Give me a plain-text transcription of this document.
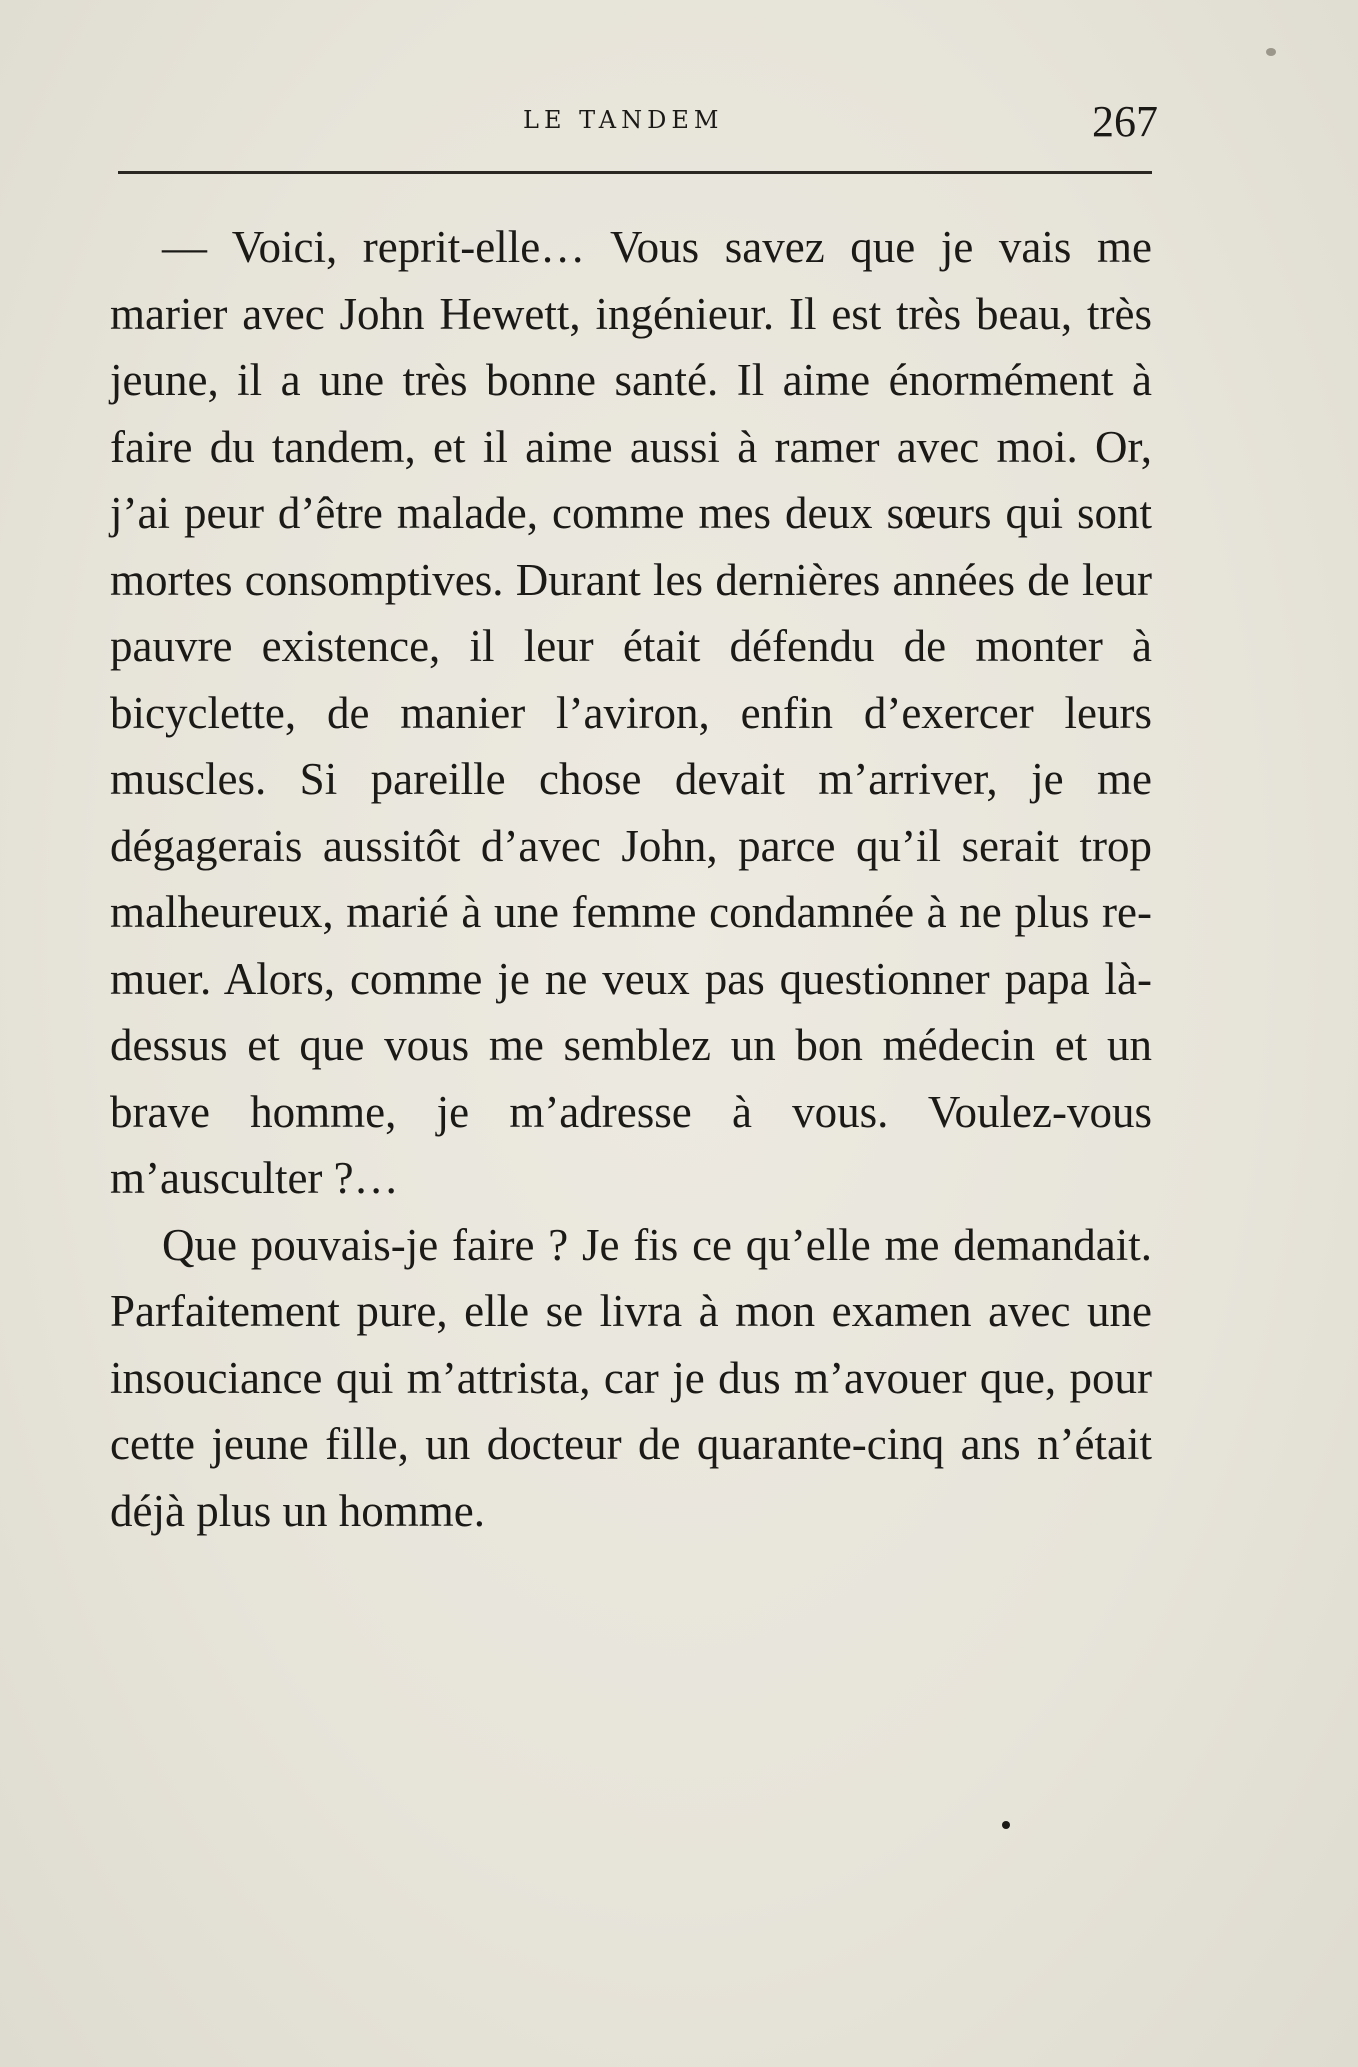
LE TANDEM	267

— Voici, reprit-elle… Vous savez que je vais me marier avec John Hewett, ingénieur. Il est très beau, très jeune, il a une très bonne santé. Il aime énormément à faire du tandem, et il aime aussi à ramer avec moi. Or, j’ai peur d’être malade, comme mes deux sœurs qui sont mortes consomptives. Durant les dernières années de leur pauvre existence, il leur était défendu de monter à bicyclette, de manier l’aviron, enfin d’exercer leurs muscles. Si pareille chose devait m’arriver, je me dégagerais aussitôt d’avec John, parce qu’il serait trop malheureux, marié à une femme condamnée à ne plus remuer. Alors, comme je ne veux pas questionner papa là-dessus et que vous me semblez un bon médecin et un brave homme, je m’adresse à vous. Voulez-vous m’ausculter ?…

Que pouvais-je faire ? Je fis ce qu’elle me demandait. Parfaitement pure, elle se livra à mon examen avec une insouciance qui m’attrista, car je dus m’avouer que, pour cette jeune fille, un docteur de quarante-cinq ans n’était déjà plus un homme.
